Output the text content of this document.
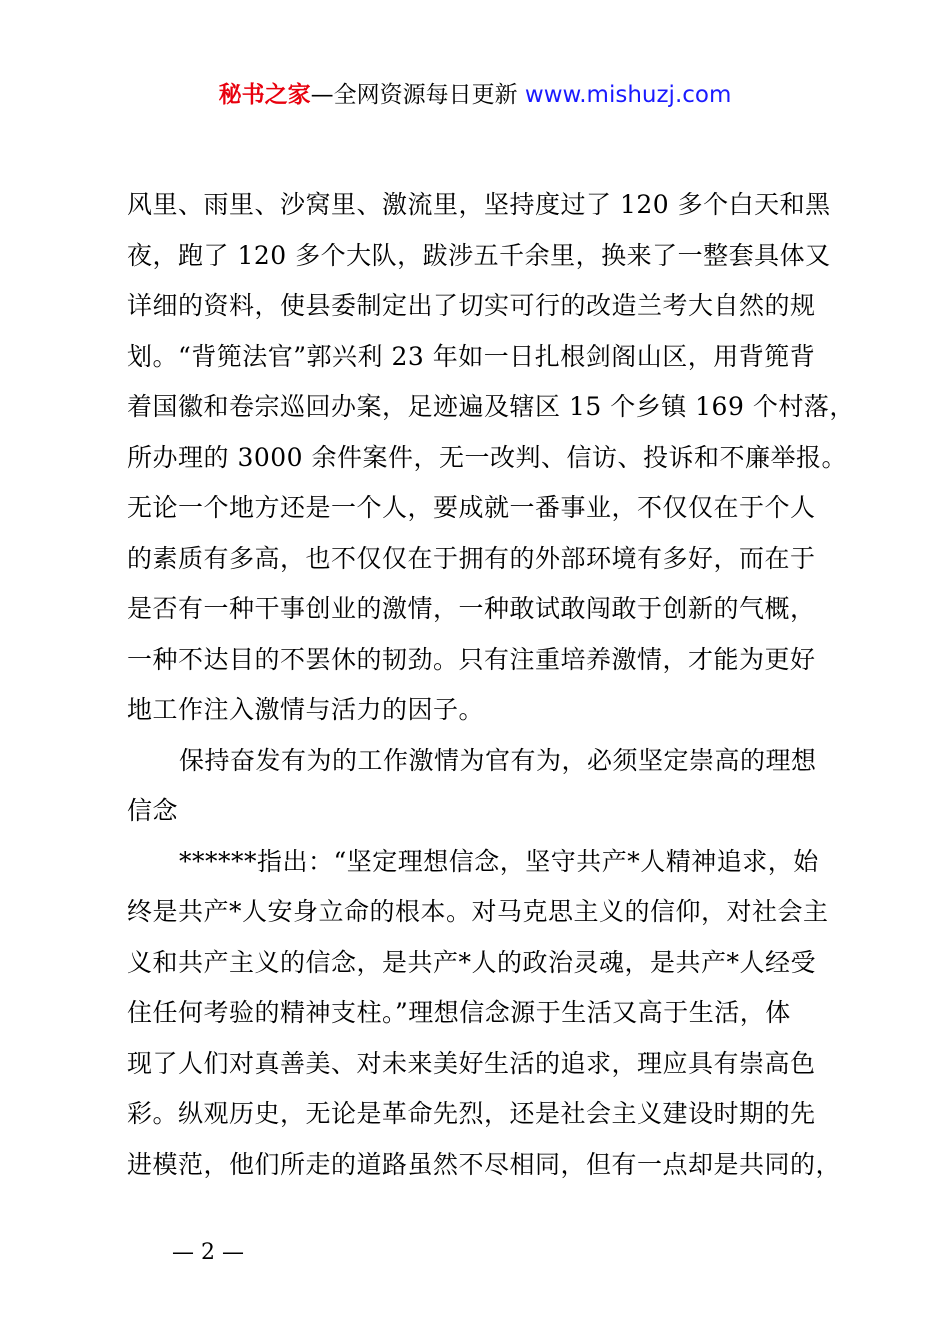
秘书之家—全网资源每日更新 www.mishuzj.com
风里、雨里、沙窝里、激流里，坚持度过了 120 多个白天和黑
夜，跑了 120 多个大队，跋涉五千余里，换来了一整套具体又
详细的资料，使县委制定出了切实可行的改造兰考大自然的规
划。“背篼法官”郭兴利 23 年如一日扎根剑阁山区，用背篼背
着国徽和卷宗巡回办案，足迹遍及辖区 15 个乡镇 169 个村落，
所办理的 3000 余件案件，无一改判、信访、投诉和不廉举报。
无论一个地方还是一个人，要成就一番事业，不仅仅在于个人
的素质有多高，也不仅仅在于拥有的外部环境有多好，而在于
是否有一种干事创业的激情，一种敢试敢闯敢于创新的气概，
一种不达目的不罢休的韧劲。只有注重培养激情，才能为更好
地工作注入激情与活力的因子。
保持奋发有为的工作激情为官有为，必须坚定崇高的理想
信念
******指出：“坚定理想信念，坚守共产*人精神追求，始
终是共产*人安身立命的根本。对马克思主义的信仰，对社会主
义和共产主义的信念，是共产*人的政治灵魂，是共产*人经受
住任何考验的精神支柱。”理想信念源于生活又高于生活，体
现了人们对真善美、对未来美好生活的追求，理应具有崇高色
彩。纵观历史，无论是革命先烈，还是社会主义建设时期的先
进模范，他们所走的道路虽然不尽相同，但有一点却是共同的，
— 2 —
